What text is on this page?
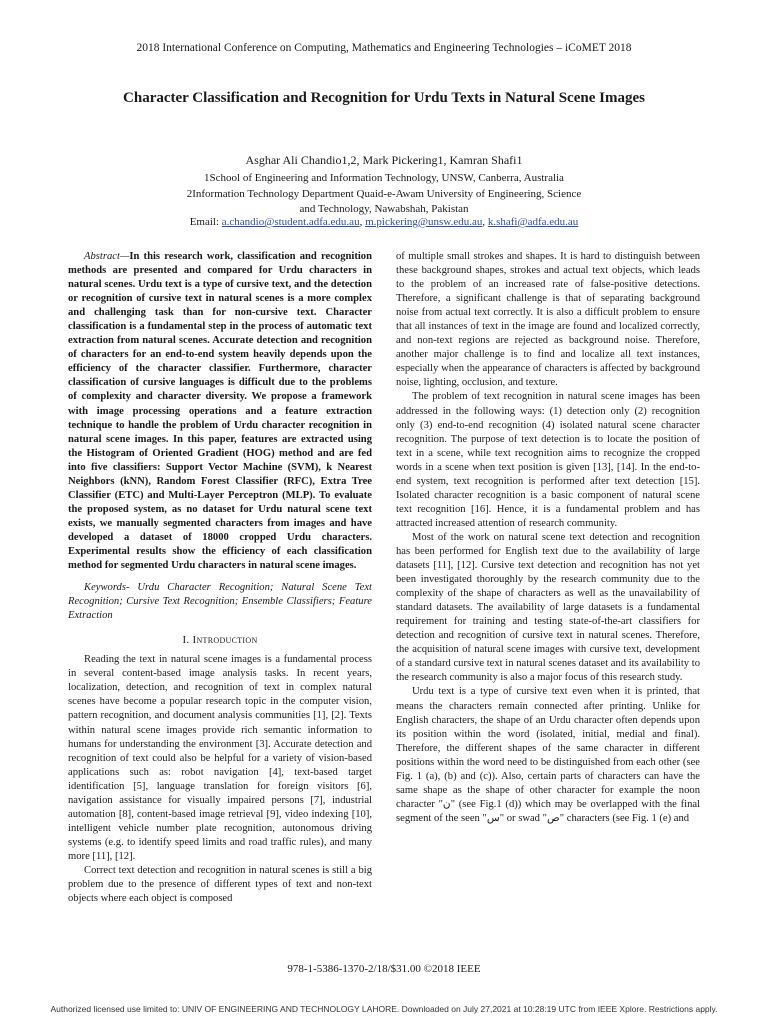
2018 International Conference on Computing, Mathematics and Engineering Technologies – iCoMET 2018
Character Classification and Recognition for Urdu Texts in Natural Scene Images
Asghar Ali Chandio1,2, Mark Pickering1, Kamran Shafi1
1School of Engineering and Information Technology, UNSW, Canberra, Australia
2Information Technology Department Quaid-e-Awam University of Engineering, Science and Technology, Nawabshah, Pakistan
Email: a.chandio@student.adfa.edu.au, m.pickering@unsw.edu.au, k.shafi@adfa.edu.au

Abstract—In this research work, classification and recognition methods are presented and compared for Urdu characters in natural scenes. Urdu text is a type of cursive text, and the detection or recognition of cursive text in natural scenes is a more complex and challenging task than for non-cursive text. Character classification is a fundamental step in the process of automatic text extraction from natural scenes. Accurate detection and recognition of characters for an end-to-end system heavily depends upon the efficiency of the character classifier. Furthermore, character classification of cursive languages is difficult due to the problems of complexity and character diversity. We propose a framework with image processing operations and a feature extraction technique to handle the problem of Urdu character recognition in natural scene images. In this paper, features are extracted using the Histogram of Oriented Gradient (HOG) method and are fed into five classifiers: Support Vector Machine (SVM), k Nearest Neighbors (kNN), Random Forest Classifier (RFC), Extra Tree Classifier (ETC) and Multi-Layer Perceptron (MLP). To evaluate the proposed system, as no dataset for Urdu natural scene text exists, we manually segmented characters from images and have developed a dataset of 18000 cropped Urdu characters. Experimental results show the efficiency of each classification method for segmented Urdu characters in natural scene images.

Keywords- Urdu Character Recognition; Natural Scene Text Recognition; Cursive Text Recognition; Ensemble Classifiers; Feature Extraction

I. Introduction

Reading the text in natural scene images is a fundamental process in several content-based image analysis tasks. In recent years, localization, detection, and recognition of text in complex natural scenes have become a popular research topic in the computer vision, pattern recognition, and document analysis communities [1], [2]. Texts within natural scene images provide rich semantic information to humans for understanding the environment [3]. Accurate detection and recognition of text could also be helpful for a variety of vision-based applications such as: robot navigation [4], text-based target identification [5], language translation for foreign visitors [6], navigation assistance for visually impaired persons [7], industrial automation [8], content-based image retrieval [9], video indexing [10], intelligent vehicle number plate recognition, autonomous driving systems (e.g. to identify speed limits and road traffic rules), and many more [11], [12].

Correct text detection and recognition in natural scenes is still a big problem due to the presence of different types of text and non-text objects where each object is composed

of multiple small strokes and shapes. It is hard to distinguish between these background shapes, strokes and actual text objects, which leads to the problem of an increased rate of false-positive detections. Therefore, a significant challenge is that of separating background noise from actual text correctly. It is also a difficult problem to ensure that all instances of text in the image are found and localized correctly, and non-text regions are rejected as background noise. Therefore, another major challenge is to find and localize all text instances, especially when the appearance of characters is affected by background noise, lighting, occlusion, and texture.

The problem of text recognition in natural scene images has been addressed in the following ways: (1) detection only (2) recognition only (3) end-to-end recognition (4) isolated natural scene character recognition. The purpose of text detection is to locate the position of text in a scene, while text recognition aims to recognize the cropped words in a scene when text position is given [13], [14]. In the end-to-end system, text recognition is performed after text detection [15]. Isolated character recognition is a basic component of natural scene text recognition [16]. Hence, it is a fundamental problem and has attracted increased attention of research community.

Most of the work on natural scene text detection and recognition has been performed for English text due to the availability of large datasets [11], [12]. Cursive text detection and recognition has not yet been investigated thoroughly by the research community due to the complexity of the shape of characters as well as the unavailability of standard datasets. The availability of large datasets is a fundamental requirement for training and testing state-of-the-art classifiers for detection and recognition of cursive text in natural scenes. Therefore, the acquisition of natural scene images with cursive text, development of a standard cursive text in natural scenes dataset and its availability to the research community is also a major focus of this research study.

Urdu text is a type of cursive text even when it is printed, that means the characters remain connected after printing. Unlike for English characters, the shape of an Urdu character often depends upon its position within the word (isolated, initial, medial and final). Therefore, the different shapes of the same character in different positions within the word need to be distinguished from each other (see Fig. 1 (a), (b) and (c)). Also, certain parts of characters can have the same shape as the shape of other character for example the noon character "ن" (see Fig.1 (d)) which may be overlapped with the final segment of the seen "س" or swad "ص" characters (see Fig. 1 (e) and

978-1-5386-1370-2/18/$31.00 ©2018 IEEE
Authorized licensed use limited to: UNIV OF ENGINEERING AND TECHNOLOGY LAHORE. Downloaded on July 27,2021 at 10:28:19 UTC from IEEE Xplore. Restrictions apply.
